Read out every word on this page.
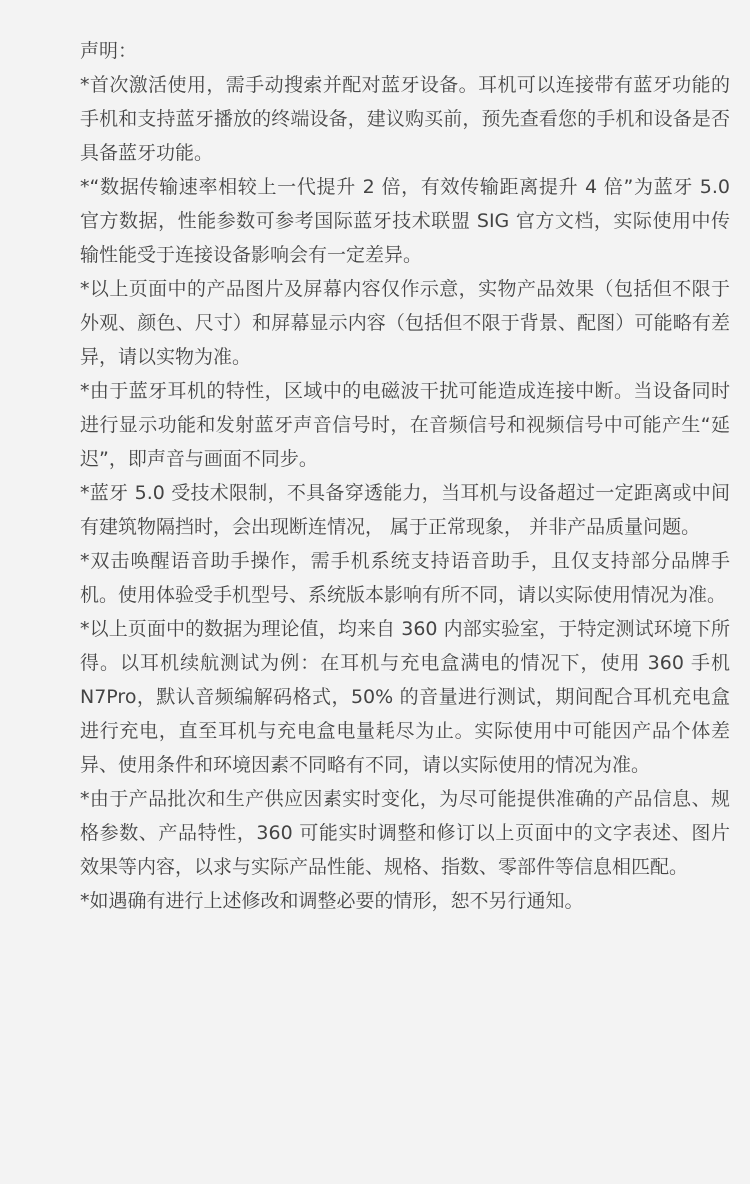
声明：

*首次激活使用，需手动搜索并配对蓝牙设备。耳机可以连接带有蓝牙功能的手机和支持蓝牙播放的终端设备，建议购买前，预先查看您的手机和设备是否具备蓝牙功能。

*“数据传输速率相较上一代提升 2 倍，有效传输距离提升 4 倍”为蓝牙 5.0 官方数据，性能参数可参考国际蓝牙技术联盟 SIG 官方文档，实际使用中传输性能受于连接设备影响会有一定差异。

*以上页面中的产品图片及屏幕内容仅作示意，实物产品效果（包括但不限于外观、颜色、尺寸）和屏幕显示内容（包括但不限于背景、配图）可能略有差异，请以实物为准。

*由于蓝牙耳机的特性，区域中的电磁波干扰可能造成连接中断。当设备同时进行显示功能和发射蓝牙声音信号时，在音频信号和视频信号中可能产生“延迟”，即声音与画面不同步。

*蓝牙 5.0 受技术限制，不具备穿透能力，当耳机与设备超过一定距离或中间有建筑物隔挡时，会出现断连情况， 属于正常现象， 并非产品质量问题。

*双击唤醒语音助手操作，需手机系统支持语音助手，且仅支持部分品牌手机。使用体验受手机型号、系统版本影响有所不同，请以实际使用情况为准。

*以上页面中的数据为理论值，均来自 360 内部实验室，于特定测试环境下所得。以耳机续航测试为例：在耳机与充电盒满电的情况下，使用 360 手机 N7Pro，默认音频编解码格式，50% 的音量进行测试，期间配合耳机充电盒进行充电，直至耳机与充电盒电量耗尽为止。实际使用中可能因产品个体差异、使用条件和环境因素不同略有不同，请以实际使用的情况为准。

*由于产品批次和生产供应因素实时变化，为尽可能提供准确的产品信息、规格参数、产品特性，360 可能实时调整和修订以上页面中的文字表述、图片效果等内容，以求与实际产品性能、规格、指数、零部件等信息相匹配。

*如遇确有进行上述修改和调整必要的情形，恕不另行通知。
